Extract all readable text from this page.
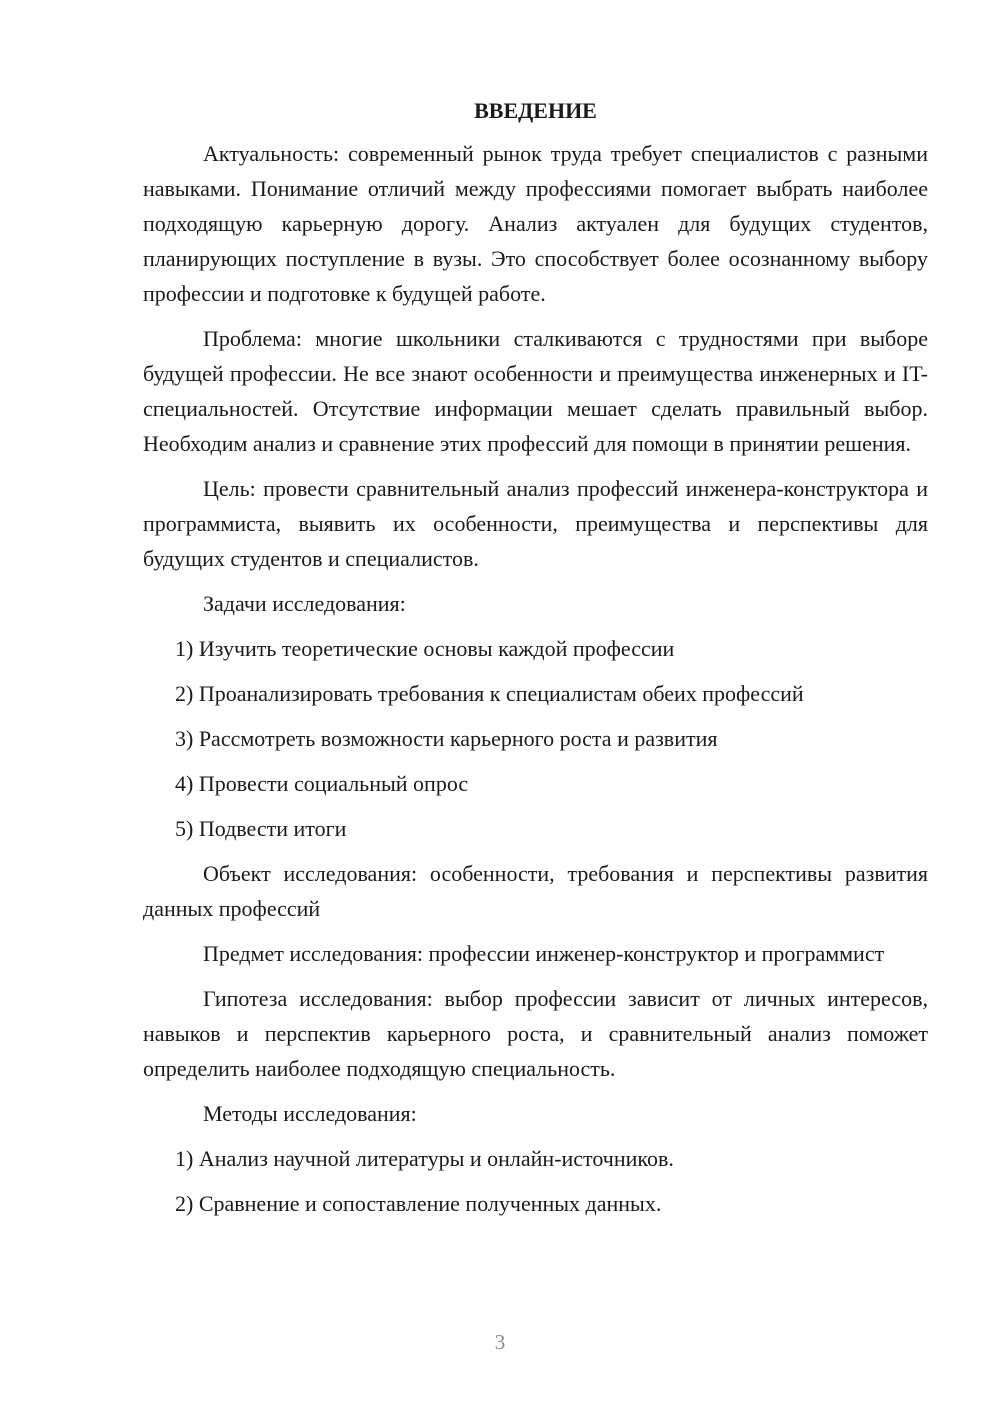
ВВЕДЕНИЕ

Актуальность: современный рынок труда требует специалистов с разными навыками. Понимание отличий между профессиями помогает выбрать наиболее подходящую карьерную дорогу. Анализ актуален для будущих студентов, планирующих поступление в вузы. Это способствует более осознанному выбору профессии и подготовке к будущей работе.

Проблема: многие школьники сталкиваются с трудностями при выборе будущей профессии. Не все знают особенности и преимущества инженерных и IT-специальностей. Отсутствие информации мешает сделать правильный выбор. Необходим анализ и сравнение этих профессий для помощи в принятии решения.

Цель: провести сравнительный анализ профессий инженера-конструктора и программиста, выявить их особенности, преимущества и перспективы для будущих студентов и специалистов.

Задачи исследования:

1) Изучить теоретические основы каждой профессии

2) Проанализировать требования к специалистам обеих профессий

3) Рассмотреть возможности карьерного роста и развития

4) Провести социальный опрос

5) Подвести итоги

Объект исследования: особенности, требования и перспективы развития данных профессий

Предмет исследования: профессии инженер-конструктор и программист

Гипотеза исследования: выбор профессии зависит от личных интересов, навыков и перспектив карьерного роста, и сравнительный анализ поможет определить наиболее подходящую специальность.

Методы исследования:

1) Анализ научной литературы и онлайн-источников.

2) Сравнение и сопоставление полученных данных.

3
